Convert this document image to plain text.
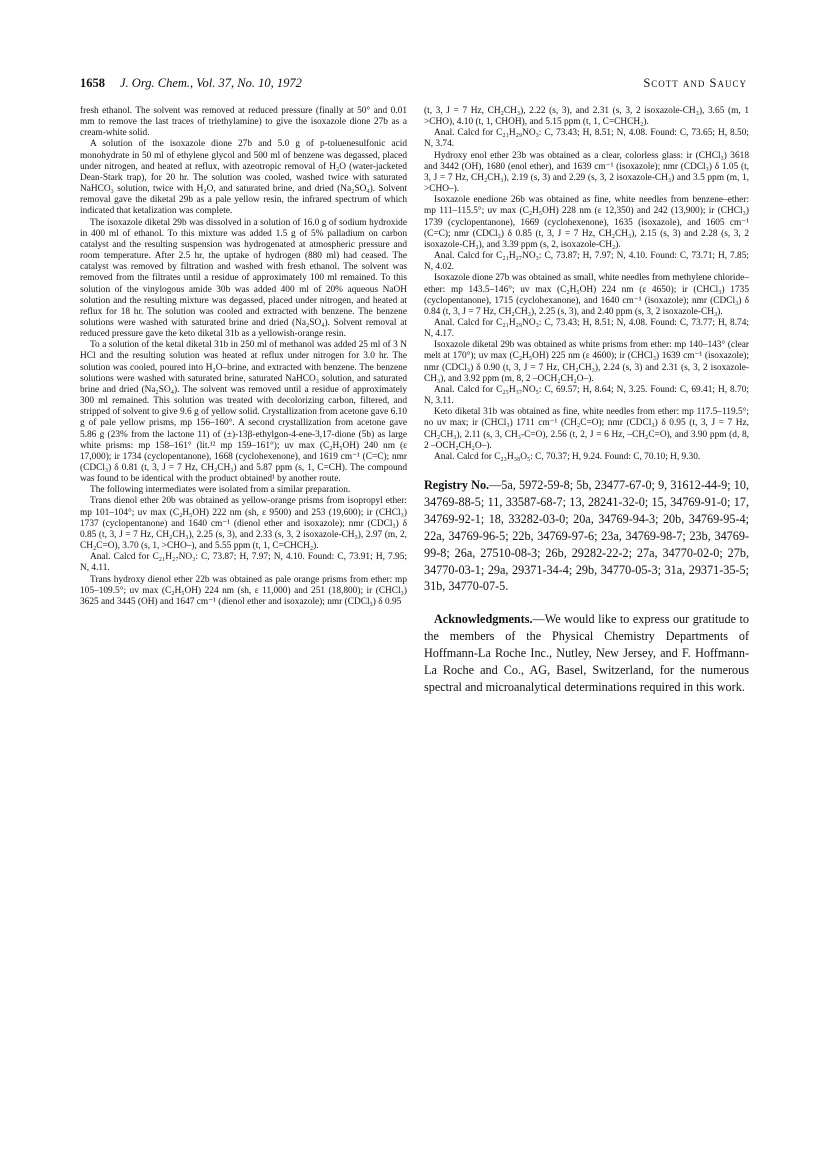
1658 J. Org. Chem., Vol. 37, No. 10, 1972	Scott and Saucy

fresh ethanol. The solvent was removed at reduced pressure (finally at 50° and 0.01 mm to remove the last traces of triethylamine) to give the isoxazole dione 27b as a cream-white solid.

A solution of the isoxazole dione 27b and 5.0 g of p-toluenesulfonic acid monohydrate in 50 ml of ethylene glycol and 500 ml of benzene was degassed, placed under nitrogen, and heated at reflux, with azeotropic removal of H₂O (water-jacketed Dean-Stark trap), for 20 hr. The solution was cooled, washed twice with saturated NaHCO₃ solution, twice with H₂O, and saturated brine, and dried (Na₂SO₄). Solvent removal gave the diketal 29b as a pale yellow resin, the infrared spectrum of which indicated that ketalization was complete.

The isoxazole diketal 29b was dissolved in a solution of 16.0 g of sodium hydroxide in 400 ml of ethanol. To this mixture was added 1.5 g of 5% palladium on carbon catalyst and the resulting suspension was hydrogenated at atmospheric pressure and room temperature. After 2.5 hr, the uptake of hydrogen (880 ml) had ceased. The catalyst was removed by filtration and washed with fresh ethanol. The solvent was removed from the filtrates until a residue of approximately 100 ml remained. To this solution of the vinylogous amide 30b was added 400 ml of 20% aqueous NaOH solution and the resulting mixture was degassed, placed under nitrogen, and heated at reflux for 18 hr. The solution was cooled and extracted with benzene. The benzene solutions were washed with saturated brine and dried (Na₂SO₄). Solvent removal at reduced pressure gave the keto diketal 31b as a yellowish-orange resin.

To a solution of the ketal diketal 31b in 250 ml of methanol was added 25 ml of 3 N HCl and the resulting solution was heated at reflux under nitrogen for 3.0 hr. The solution was cooled, poured into H₂O–brine, and extracted with benzene. The benzene solutions were washed with saturated brine, saturated NaHCO₃ solution, and saturated brine and dried (Na₂SO₄). The solvent was removed until a residue of approximately 300 ml remained. This solution was treated with decolorizing carbon, filtered, and stripped of solvent to give 9.6 g of yellow solid. Crystallization from acetone gave 6.10 g of pale yellow prisms, mp 156–160°. A second crystallization from acetone gave 5.86 g (23% from the lactone 11) of (±)-13β-ethylgon-4-ene-3,17-dione (5b) as large white prisms: mp 158–161° (lit.¹² mp 159–161°); uv max (C₂H₅OH) 240 nm (ε 17,000); ir 1734 (cyclopentanone), 1668 (cyclohexenone), and 1619 cm⁻¹ (C=C); nmr (CDCl₃) δ 0.81 (t, 3, J = 7 Hz, CH₂CH₃) and 5.87 ppm (s, 1, C=CH). The compound was found to be identical with the product obtained¹ by another route.

The following intermediates were isolated from a similar preparation.

Trans dienol ether 20b was obtained as yellow-orange prisms from isopropyl ether: mp 101–104°; uv max (C₂H₅OH) 222 nm (sh, ε 9500) and 253 (19,600); ir (CHCl₃) 1737 (cyclopentanone) and 1640 cm⁻¹ (dienol ether and isoxazole); nmr (CDCl₃) δ 0.85 (t, 3, J = 7 Hz, CH₂CH₃), 2.25 (s, 3), and 2.33 (s, 3, 2 isoxazole-CH₃), 2.97 (m, 2, CH₂C=O), 3.70 (s, 1, >CHO–), and 5.55 ppm (t, 1, C=CHCH₂).

Anal. Calcd for C₂₁H₂₇NO₃: C, 73.87; H, 7.97; N, 4.10. Found: C, 73.91; H, 7.95; N, 4.11.

Trans hydroxy dienol ether 22b was obtained as pale orange prisms from ether: mp 105–109.5°; uv max (C₂H₅OH) 224 nm (sh, ε 11,000) and 251 (18,800); ir (CHCl₃) 3625 and 3445 (OH) and 1647 cm⁻¹ (dienol ether and isoxazole); nmr (CDCl₃) δ 0.95

(t, 3, J = 7 Hz, CH₂CH₃), 2.22 (s, 3), and 2.31 (s, 3, 2 isoxazole-CH₃), 3.65 (m, 1 >CHO), 4.10 (t, 1, CHOH), and 5.15 ppm (t, 1, C=CHCH₂).

Anal. Calcd for C₂₁H₂₉NO₃: C, 73.43; H, 8.51; N, 4.08. Found: C, 73.65; H, 8.50; N, 3.74.

Hydroxy enol ether 23b was obtained as a clear, colorless glass: ir (CHCl₃) 3618 and 3442 (OH), 1680 (enol ether), and 1639 cm⁻¹ (isoxazole); nmr (CDCl₃) δ 1.05 (t, 3, J = 7 Hz, CH₂CH₃), 2.19 (s, 3) and 2.29 (s, 3, 2 isoxazole-CH₃) and 3.5 ppm (m, 1, >CHO–).

Isoxazole enedione 26b was obtained as fine, white needles from benzene–ether: mp 111–115.5°; uv max (C₂H₅OH) 228 nm (ε 12,350) and 242 (13,900); ir (CHCl₃) 1739 (cyclopentanone), 1669 (cyclohexenone), 1635 (isoxazole), and 1605 cm⁻¹ (C=C); nmr (CDCl₃) δ 0.85 (t, 3, J = 7 Hz, CH₂CH₃), 2.15 (s, 3) and 2.28 (s, 3, 2 isoxazole-CH₃), and 3.39 ppm (s, 2, isoxazole-CH₂).

Anal. Calcd for C₂₁H₂₇NO₃: C, 73.87; H, 7.97; N, 4.10. Found: C, 73.71; H, 7.85; N, 4.02.

Isoxazole dione 27b was obtained as small, white needles from methylene chloride–ether: mp 143.5–146°; uv max (C₂H₅OH) 224 nm (ε 4650); ir (CHCl₃) 1735 (cyclopentanone), 1715 (cyclohexanone), and 1640 cm⁻¹ (isoxazole); nmr (CDCl₃) δ 0.84 (t, 3, J = 7 Hz, CH₂CH₃), 2.25 (s, 3), and 2.40 ppm (s, 3, 2 isoxazole-CH₃).

Anal. Calcd for C₂₁H₂₉NO₃: C, 73.43; H, 8.51; N, 4.08. Found: C, 73.77; H, 8.74; N, 4.17.

Isoxazole diketal 29b was obtained as white prisms from ether: mp 140–143° (clear melt at 170°); uv max (C₂H₅OH) 225 nm (ε 4600); ir (CHCl₃) 1639 cm⁻¹ (isoxazole); nmr (CDCl₃) δ 0.90 (t, 3, J = 7 Hz, CH₂CH₃), 2.24 (s, 3) and 2.31 (s, 3, 2 isoxazole-CH₃), and 3.92 ppm (m, 8, 2 –OCH₂CH₂O–).

Anal. Calcd for C₂₅H₃₇NO₅: C, 69.57; H, 8.64; N, 3.25. Found: C, 69.41; H, 8.70; N, 3.11.

Keto diketal 31b was obtained as fine, white needles from ether: mp 117.5–119.5°; no uv max; ir (CHCl₃) 1711 cm⁻¹ (CH₂C=O); nmr (CDCl₃) δ 0.95 (t, 3, J = 7 Hz, CH₂CH₃), 2.11 (s, 3, CH₃-C=O), 2.56 (t, 2, J = 6 Hz, –CH₂C=O), and 3.90 ppm (d, 8, 2 –OCH₂CH₂O–).

Anal. Calcd for C₂₃H₃₈O₅: C, 70.37; H, 9.24. Found: C, 70.10; H, 9.30.

Registry No.—5a, 5972-59-8; 5b, 23477-67-0; 9, 31612-44-9; 10, 34769-88-5; 11, 33587-68-7; 13, 28241-32-0; 15, 34769-91-0; 17, 34769-92-1; 18, 33282-03-0; 20a, 34769-94-3; 20b, 34769-95-4; 22a, 34769-96-5; 22b, 34769-97-6; 23a, 34769-98-7; 23b, 34769-99-8; 26a, 27510-08-3; 26b, 29282-22-2; 27a, 34770-02-0; 27b, 34770-03-1; 29a, 29371-34-4; 29b, 34770-05-3; 31a, 29371-35-5; 31b, 34770-07-5.
Acknowledgments.—We would like to express our gratitude to the members of the Physical Chemistry Departments of Hoffmann-La Roche Inc., Nutley, New Jersey, and F. Hoffmann-La Roche and Co., AG, Basel, Switzerland, for the numerous spectral and microanalytical determinations required in this work.
